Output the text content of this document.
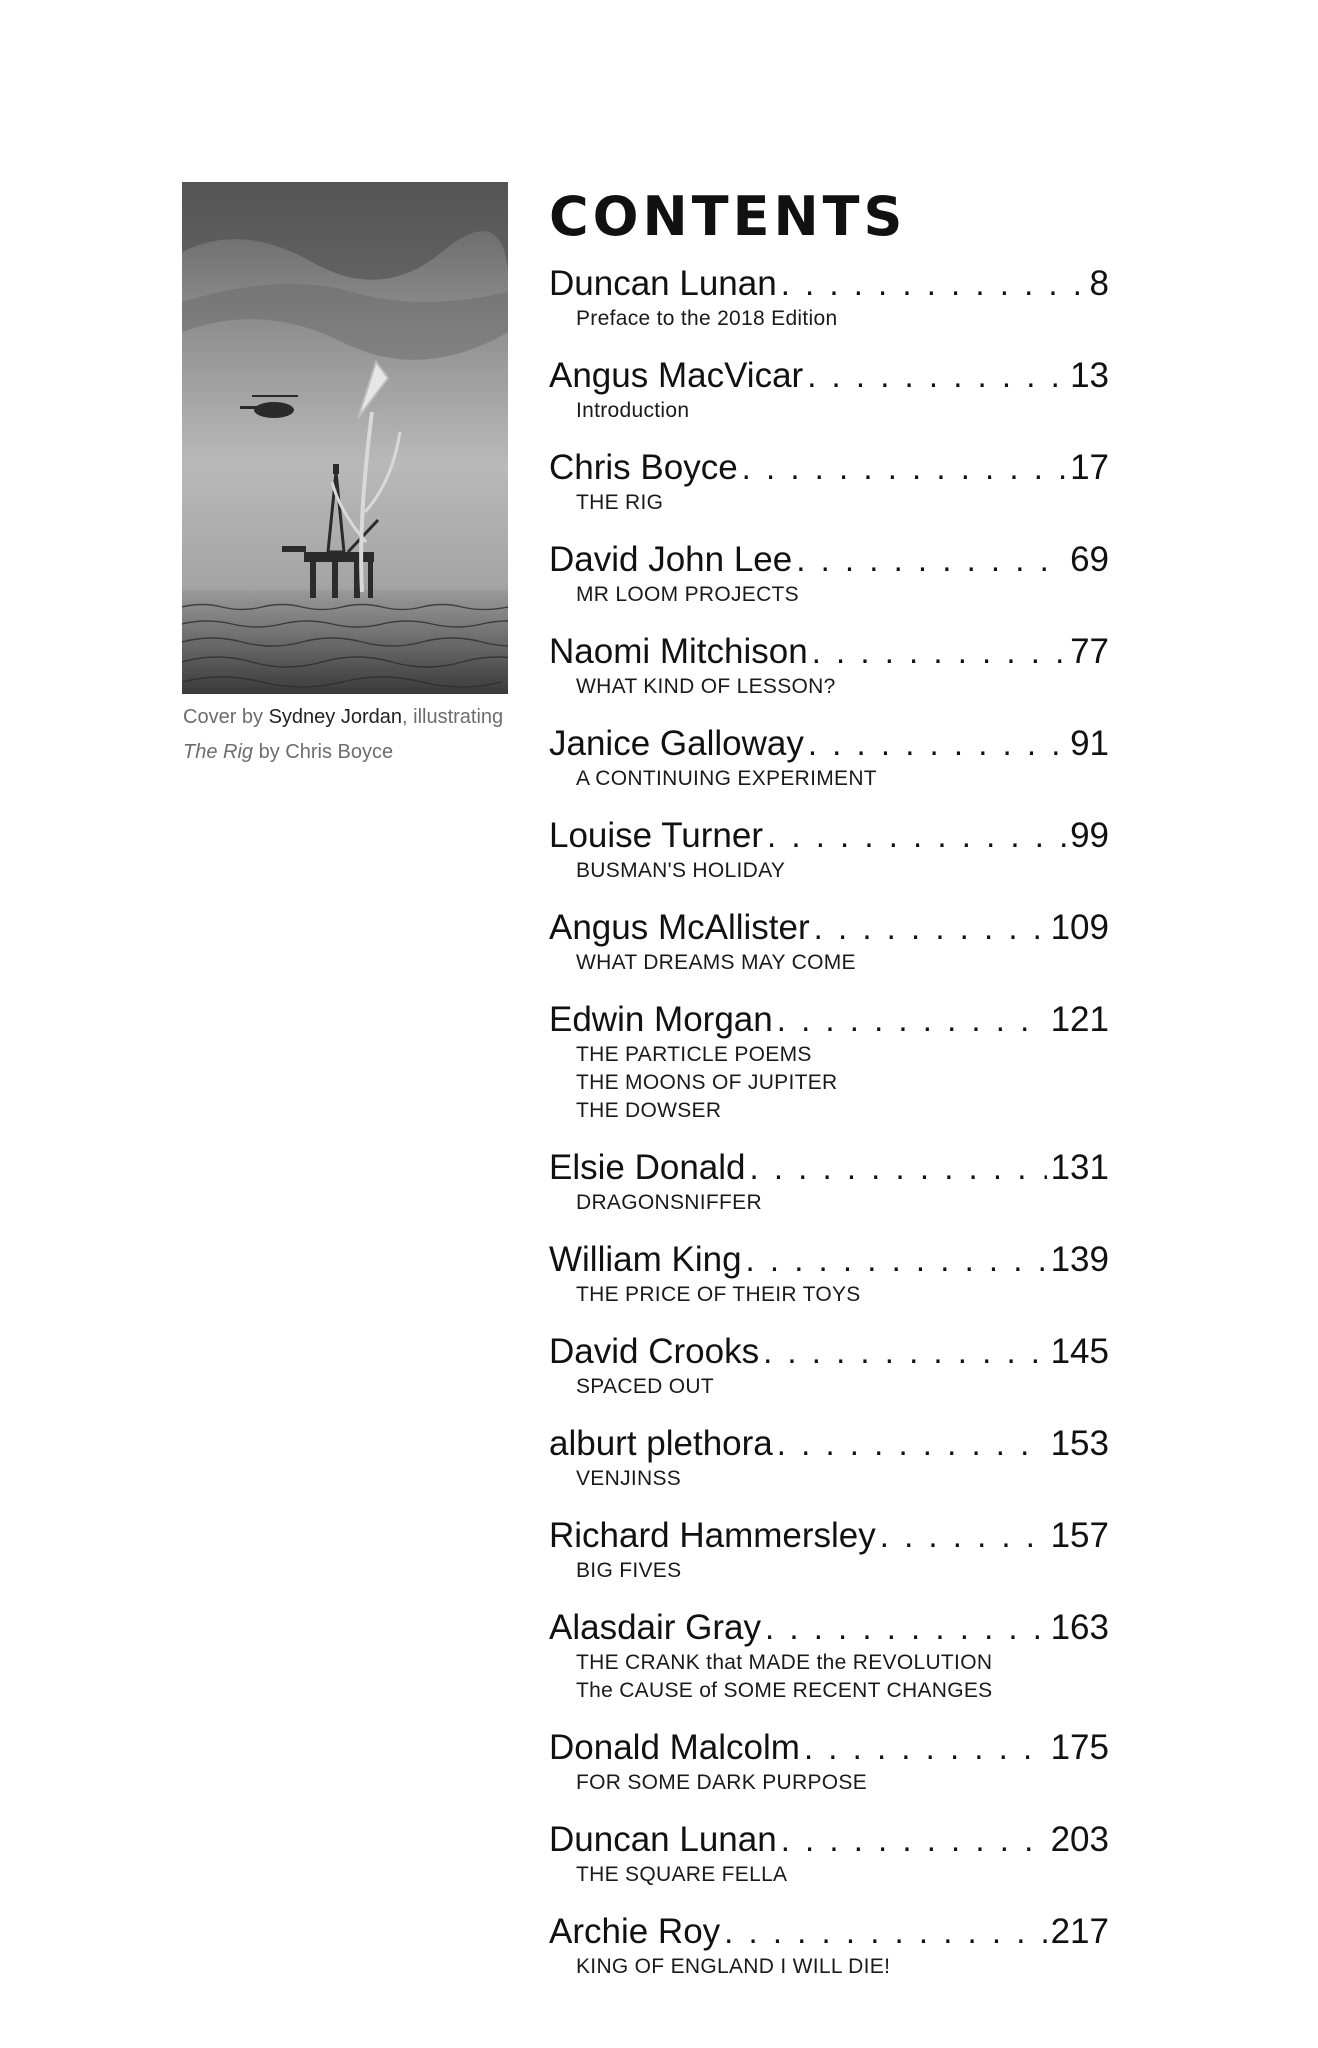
Cover by Sydney Jordan, illustrating
The Rig by Chris Boyce
CONTENTS
Duncan Lunan . . .	8
Preface to the 2018 Edition
Angus MacVicar . . .	13
Introduction
Chris Boyce . . .	17
THE RIG
David John Lee . . .	69
MR LOOM PROJECTS
Naomi Mitchison . . .	77
WHAT KIND OF LESSON?
Janice Galloway . . .	91
A CONTINUING EXPERIMENT
Louise Turner . . .	99
BUSMAN'S HOLIDAY
Angus McAllister . . .	109
WHAT DREAMS MAY COME
Edwin Morgan . . .	121
THE PARTICLE POEMS
THE MOONS OF JUPITER
THE DOWSER
Elsie Donald . . .	131
DRAGONSNIFFER
William King . . .	139
THE PRICE OF THEIR TOYS
David Crooks . . .	145
SPACED OUT
alburt plethora . . .	153
VENJINSS
Richard Hammersley . . .	157
BIG FIVES
Alasdair Gray . . .	163
THE CRANK that MADE the REVOLUTION
The CAUSE of SOME RECENT CHANGES
Donald Malcolm . . .	175
FOR SOME DARK PURPOSE
Duncan Lunan . . .	203
THE SQUARE FELLA
Archie Roy . . .	217
KING OF ENGLAND I WILL DIE!
